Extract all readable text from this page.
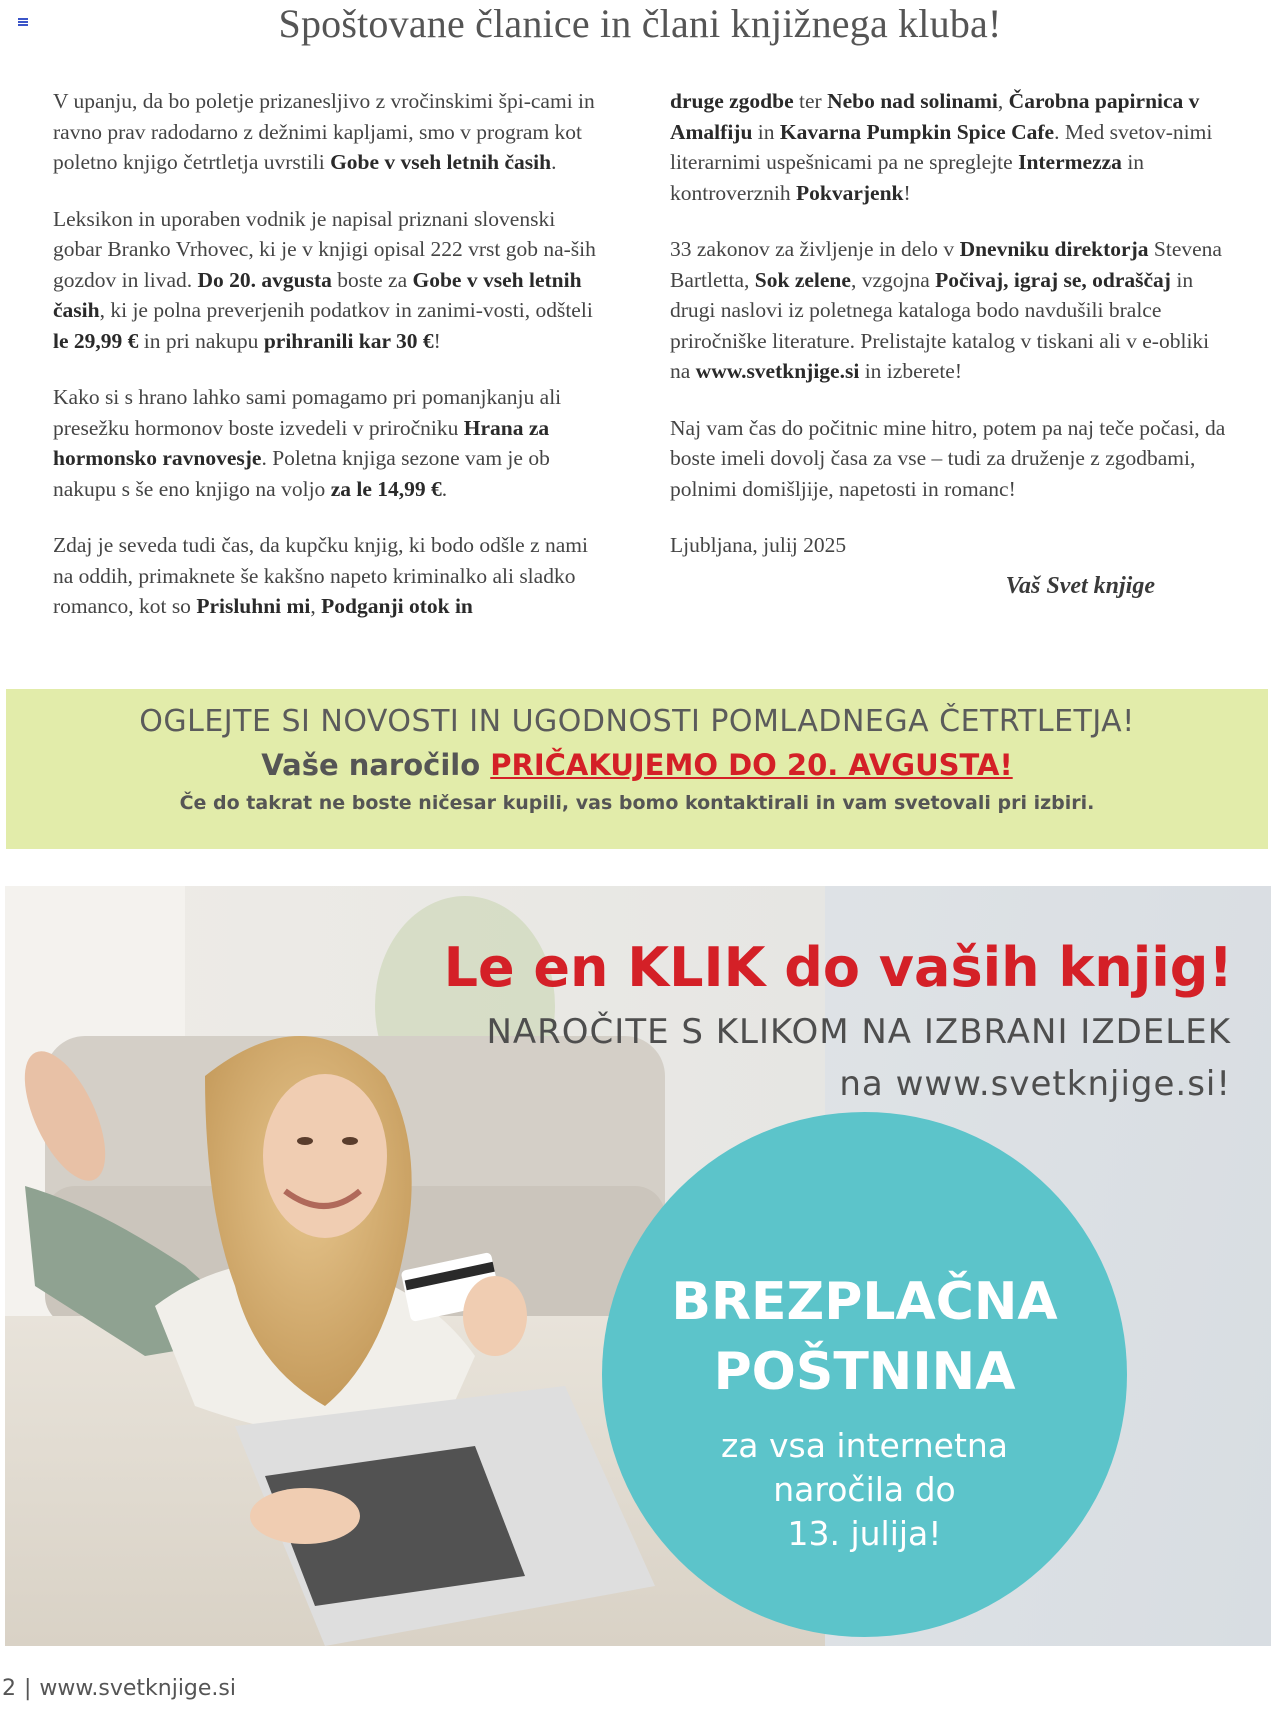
Spoštovane članice in člani knjižnega kluba!

V upanju, da bo poletje prizanesljivo z vročinskimi špi-cami in ravno prav radodarno z dežnimi kapljami, smo v program kot poletno knjigo četrtletja uvrstili Gobe v vseh letnih časih.

Leksikon in uporaben vodnik je napisal priznani slovenski gobar Branko Vrhovec, ki je v knjigi opisal 222 vrst gob na-ših gozdov in livad. Do 20. avgusta boste za Gobe v vseh letnih časih, ki je polna preverjenih podatkov in zanimi-vosti, odšteli le 29,99 € in pri nakupu prihranili kar 30 €!

Kako si s hrano lahko sami pomagamo pri pomanjkanju ali presežku hormonov boste izvedeli v priročniku Hrana za hormonsko ravnovesje. Poletna knjiga sezone vam je ob nakupu s še eno knjigo na voljo za le 14,99 €.

Zdaj je seveda tudi čas, da kupčku knjig, ki bodo odšle z nami na oddih, primaknete še kakšno napeto kriminalko ali sladko romanco, kot so Prisluhni mi, Podganji otok in

druge zgodbe ter Nebo nad solinami, Čarobna papirnica v Amalfiju in Kavarna Pumpkin Spice Cafe. Med svetov-nimi literarnimi uspešnicami pa ne spreglejte Intermezza in kontroverznih Pokvarjenk!

33 zakonov za življenje in delo v Dnevniku direktorja Stevena Bartletta, Sok zelene, vzgojna Počivaj, igraj se, odraščaj in drugi naslovi iz poletnega kataloga bodo navdušili bralce priročniške literature. Prelistajte katalog v tiskani ali v e-obliki na www.svetknjige.si in izberete!

Naj vam čas do počitnic mine hitro, potem pa naj teče počasi, da boste imeli dovolj časa za vse – tudi za druženje z zgodbami, polnimi domišljije, napetosti in romanc!

Ljubljana, julij 2025
Vaš Svet knjige
OGLEJTE SI NOVOSTI IN UGODNOSTI POMLADNEGA ČETRTLETJA!
Vaše naročilo PRIČAKUJEMO DO 20. AVGUSTA!
Če do takrat ne boste ničesar kupili, vas bomo kontaktirali in vam svetovali pri izbiri.
Le en KLIK do vaših knjig!
NAROČITE S KLIKOM NA IZBRANI IZDELEK
na www.svetknjige.si!
BREZPLAČNA
POŠTNINA
za vsa internetna
naročila do
13. julija!
2 | www.svetknjige.si
